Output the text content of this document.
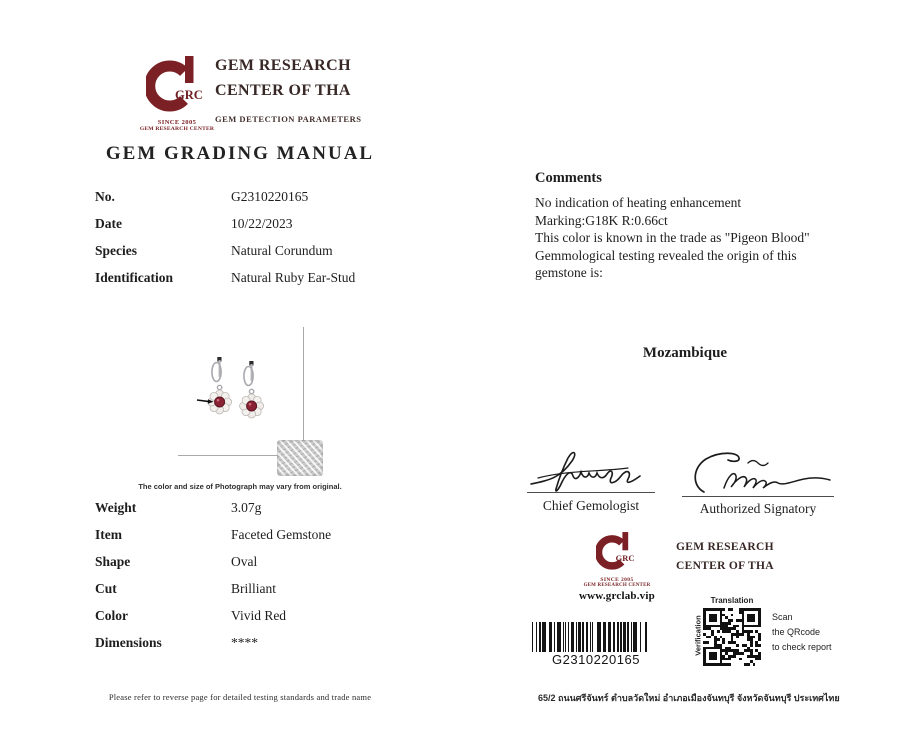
GRC
SINCE 2005
GEM RESEARCH CENTER
GEM RESEARCH
CENTER OF THA
GEM DETECTION PARAMETERS
GEM GRADING MANUAL
No.	G2310220165
Date	10/22/2023
Species	Natural Corundum
Identification	Natural Ruby Ear-Stud
The color and size of Photograph may vary from original.
Weight	3.07g
Item	Faceted Gemstone
Shape	Oval
Cut	Brilliant
Color	Vivid Red
Dimensions	****
Please refer to reverse page for detailed testing standards and trade name
Comments
No indication of heating enhancement
Marking:G18K R:0.66ct
This color is known in the trade as "Pigeon Blood"
Gemmological testing revealed the origin of this
gemstone is:
Mozambique
Chief Gemologist	Authorized Signatory
GRC
SINCE 2005
GEM RESEARCH CENTER
www.grclab.vip
GEM RESEARCH
CENTER OF THA
G2310220165
Translation
Verification	Scan
the QRcode
to check report
65/2 ถนนศรีจันทร์ ตำบลวัดใหม่ อำเภอเมืองจันทบุรี จังหวัดจันทบุรี ประเทศไทย
